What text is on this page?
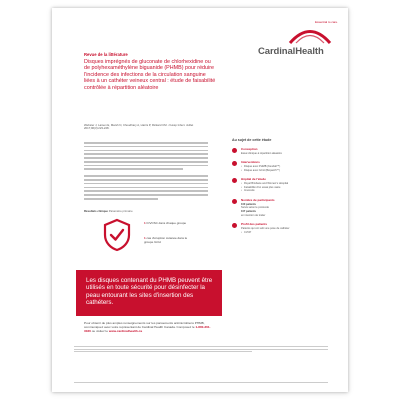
Essential to care.
CardinalHealth
Revue de la littérature
Disques imprégnés de gluconate de chlorhexidine ou de polyhexaméthylène biguanide (PHMB) pour réduire l'incidence des infections de la circulation sanguine liées à un cathéter veineux central : étude de faisabilité contrôlée à répartition aléatoire
Webster J, Larsen E, Marsh N, Choudhary A, Harris P, Rickard CM. J Hosp Infect. Juillet 2017;96(3):223-228.
Résultats clinique Paramètre primaire
1 ICVCSC dans chaque groupe
1 cas d'éruption cutanée dans le groupe GCH
Les disques contenant du PHMB peuvent être utilisés en toute sécurité pour désinfecter la peau entourant les sites d'insertion des cathéters.
Pour obtenir de plus amples renseignements sur les pansements antimicrobiens PHMB, communiquez avec votre représentant de Cardinal Health Canada. Composez le 1-800-361-3020 ou visitez le www.cardinalhealth.ca
Au sujet de cette étude
Conception
Essai clinique à répartition aléatoire
Interventions
• Disque avec PHMB (Kendall™)
• Disque avec GCH (Biopatch™)
Hôpital de l'étude
• Royal Brisbane and Women's Hospital
• Faisabilité d'un essai plus vaste
• Innocuité
Nombre de participants
100 patients
Suivis selon le protocole
107 patients
en intention de traiter
Profil des patients
Patients qui ont subi une pose de cathéter
• CVCP
